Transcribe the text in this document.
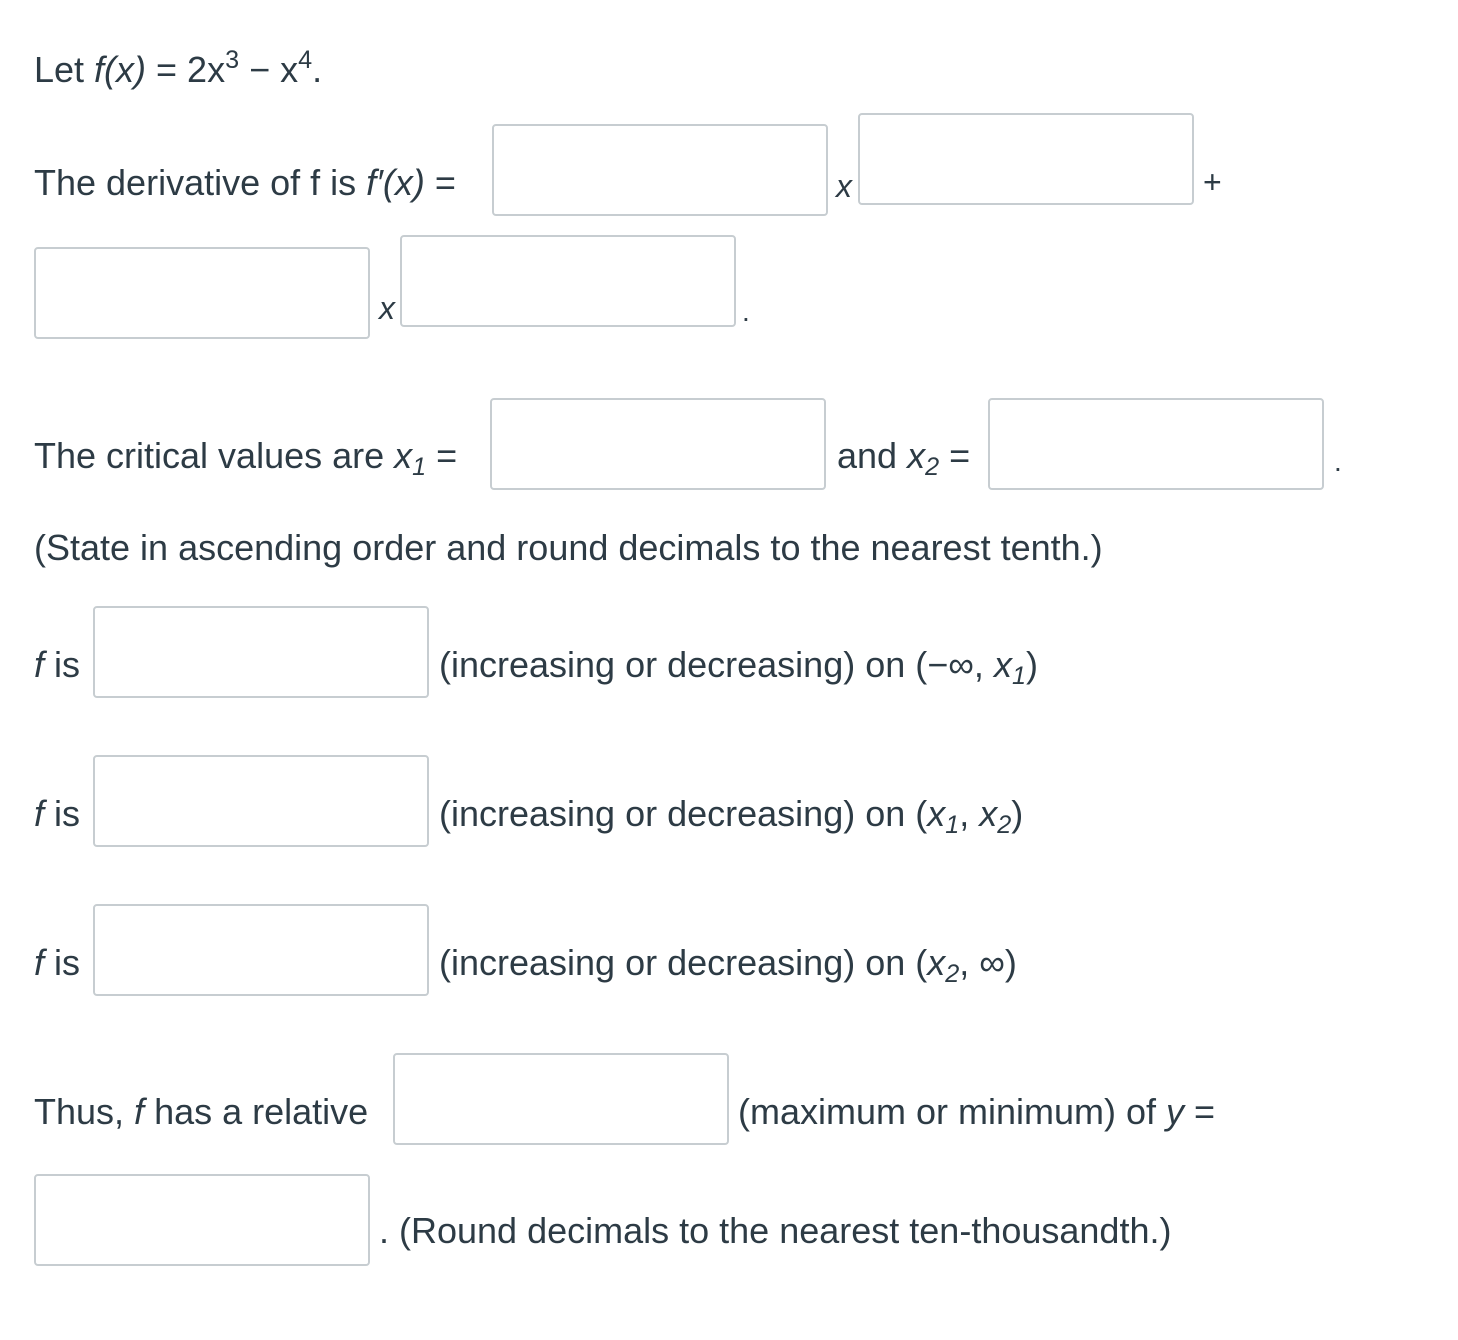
Let $f(x) = 2x^3 - x^4$.
The derivative of f is f′(x) =	x	+
x	.
The critical values are $x_1$ =	and $x_2$ =	.
(State in ascending order and round decimals to the nearest tenth.)
f is	(increasing or decreasing) on (−∞, $x_1$)
f is	(increasing or decreasing) on ($x_1$, $x_2$)
f is	(increasing or decreasing) on ($x_2$, ∞)
Thus, f has a relative	(maximum or minimum) of y =
. (Round decimals to the nearest ten-thousandth.)
